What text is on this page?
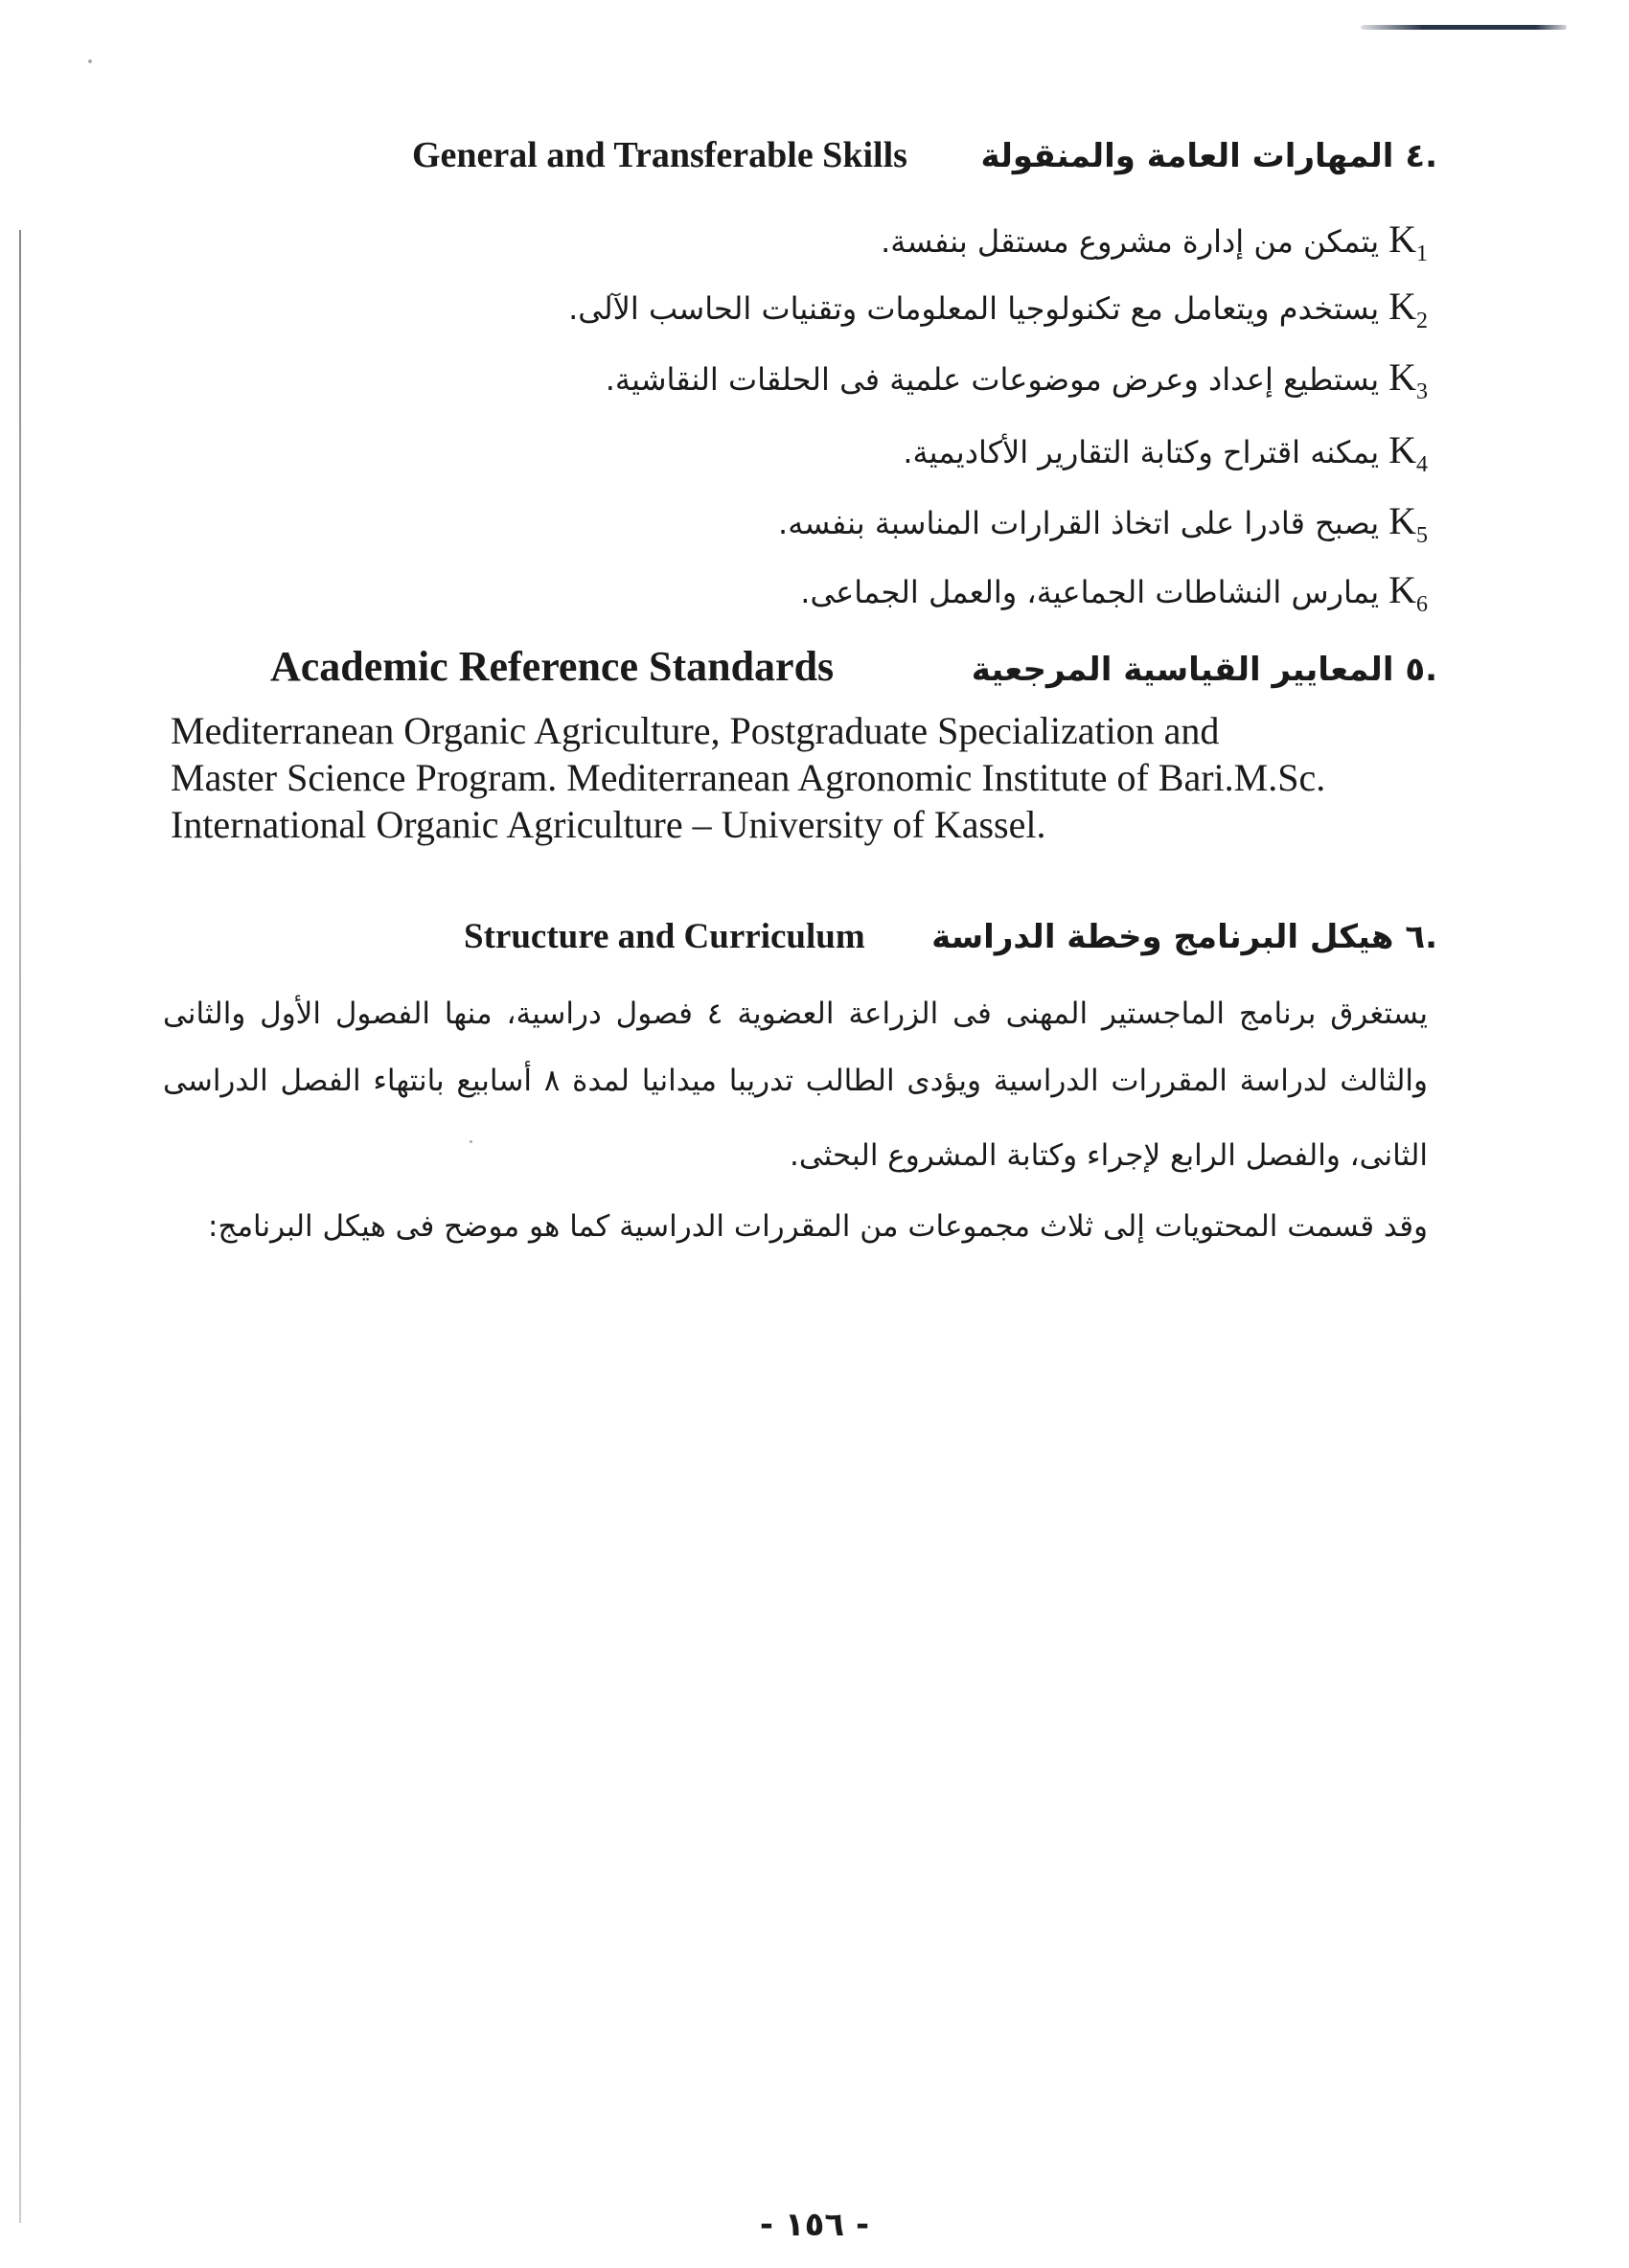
General and Transferable Skills	.٤ المهارات العامة والمنقولة
$K_1$
يتمكن من إدارة مشروع مستقل بنفسة.
$K_2$
يستخدم ويتعامل مع تكنولوجيا المعلومات وتقنيات الحاسب الآلى.
$K_3$
يستطيع إعداد وعرض موضوعات علمية فى الحلقات النقاشية.
$K_4$
يمكنه اقتراح وكتابة التقارير الأكاديمية.
$K_5$
يصبح قادرا على اتخاذ القرارات المناسبة بنفسه.
$K_6$
يمارس النشاطات الجماعية، والعمل الجماعى.
Academic Reference Standards	.٥ المعايير القياسية المرجعية
Mediterranean Organic Agriculture, Postgraduate Specialization and
Master Science Program. Mediterranean Agronomic Institute of Bari.M.Sc.
International Organic Agriculture – University of Kassel.
Structure and Curriculum	.٦ هيكل البرنامج وخطة الدراسة
يستغرق برنامج الماجستير المهنى فى الزراعة العضوية ٤ فصول دراسية، منها الفصول الأول والثانى
والثالث لدراسة المقررات الدراسية ويؤدى الطالب تدريبا ميدانيا لمدة ٨ أسابيع بانتهاء الفصل الدراسى
الثانى، والفصل الرابع لإجراء وكتابة المشروع البحثى.
وقد قسمت المحتويات إلى ثلاث مجموعات من المقررات الدراسية كما هو موضح فى هيكل البرنامج:
- ١٥٦ -
